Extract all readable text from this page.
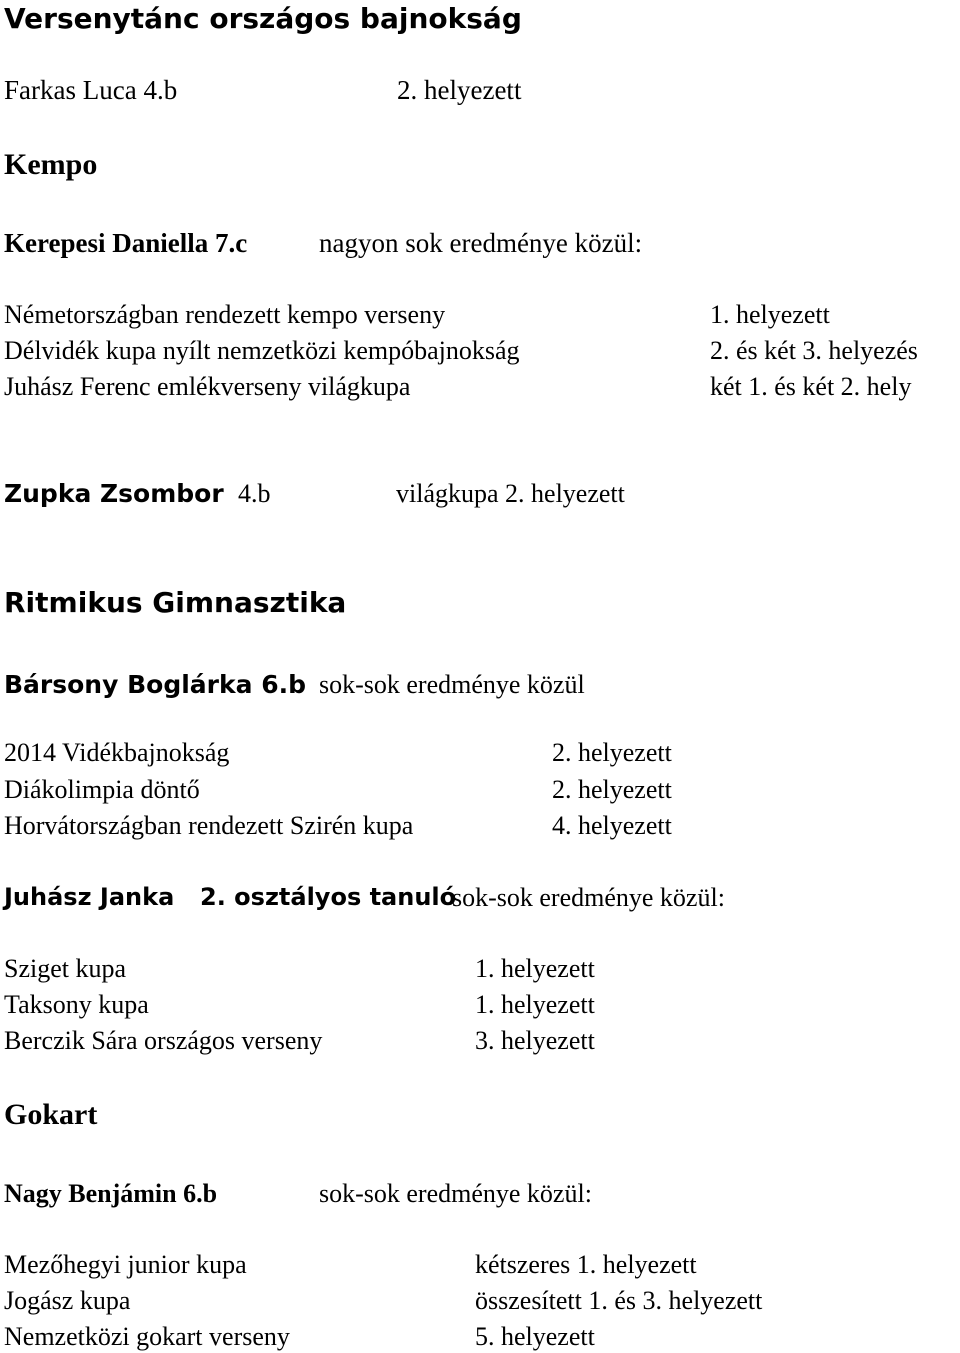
Versenytánc országos bajnokság
Farkas Luca 4.b	2. helyezett
Kempo
Kerepesi Daniella 7.c	nagyon sok eredménye közül:
Németországban rendezett kempo verseny	1. helyezett
Délvidék kupa nyílt nemzetközi kempóbajnokság	2. és két 3. helyezés
Juhász Ferenc emlékverseny világkupa	két 1. és két 2. hely
Zupka Zsombor 4.b	világkupa 2. helyezett
Ritmikus Gimnasztika
Bársony Boglárka 6.b sok-sok eredménye közül
2014 Vidékbajnokság	2. helyezett
Diákolimpia döntő	2. helyezett
Horvátországban rendezett Szirén kupa	4. helyezett
Juhász Janka 2. osztályos tanuló
sok-sok eredménye közül:
Sziget kupa	1. helyezett
Taksony kupa	1. helyezett
Berczik Sára országos verseny	3. helyezett
Gokart
Nagy Benjámin 6.b	sok-sok eredménye közül:
Mezőhegyi junior kupa	kétszeres 1. helyezett
Jogász kupa	összesített 1. és 3. helyezett
Nemzetközi gokart verseny	5. helyezett
